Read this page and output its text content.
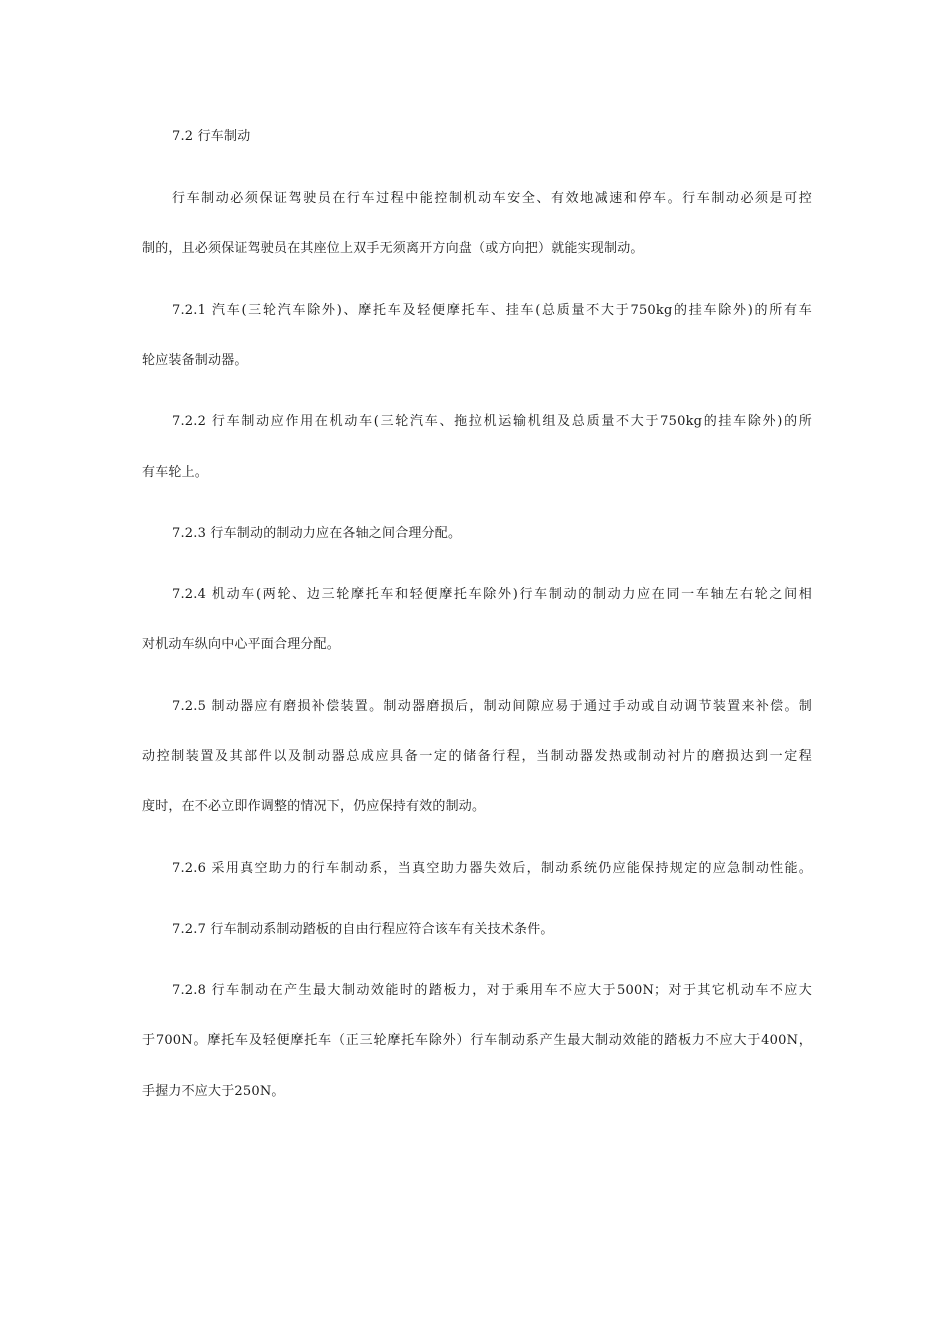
7.2 行车制动
行车制动必须保证驾驶员在行车过程中能控制机动车安全、有效地减速和停车。行车制动必须是可控
制的，且必须保证驾驶员在其座位上双手无须离开方向盘（或方向把）就能实现制动。
7.2.1 汽车(三轮汽车除外)、摩托车及轻便摩托车、挂车(总质量不大于750kg的挂车除外)的所有车
轮应装备制动器。
7.2.2 行车制动应作用在机动车(三轮汽车、拖拉机运输机组及总质量不大于750kg的挂车除外)的所
有车轮上。
7.2.3 行车制动的制动力应在各轴之间合理分配。
7.2.4 机动车(两轮、边三轮摩托车和轻便摩托车除外)行车制动的制动力应在同一车轴左右轮之间相
对机动车纵向中心平面合理分配。
7.2.5 制动器应有磨损补偿装置。制动器磨损后，制动间隙应易于通过手动或自动调节装置来补偿。制
动控制装置及其部件以及制动器总成应具备一定的储备行程，当制动器发热或制动衬片的磨损达到一定程
度时，在不必立即作调整的情况下，仍应保持有效的制动。
7.2.6 采用真空助力的行车制动系，当真空助力器失效后，制动系统仍应能保持规定的应急制动性能。
7.2.7 行车制动系制动踏板的自由行程应符合该车有关技术条件。
7.2.8 行车制动在产生最大制动效能时的踏板力，对于乘用车不应大于500N；对于其它机动车不应大
于700N。摩托车及轻便摩托车（正三轮摩托车除外）行车制动系产生最大制动效能的踏板力不应大于400N，
手握力不应大于250N。
